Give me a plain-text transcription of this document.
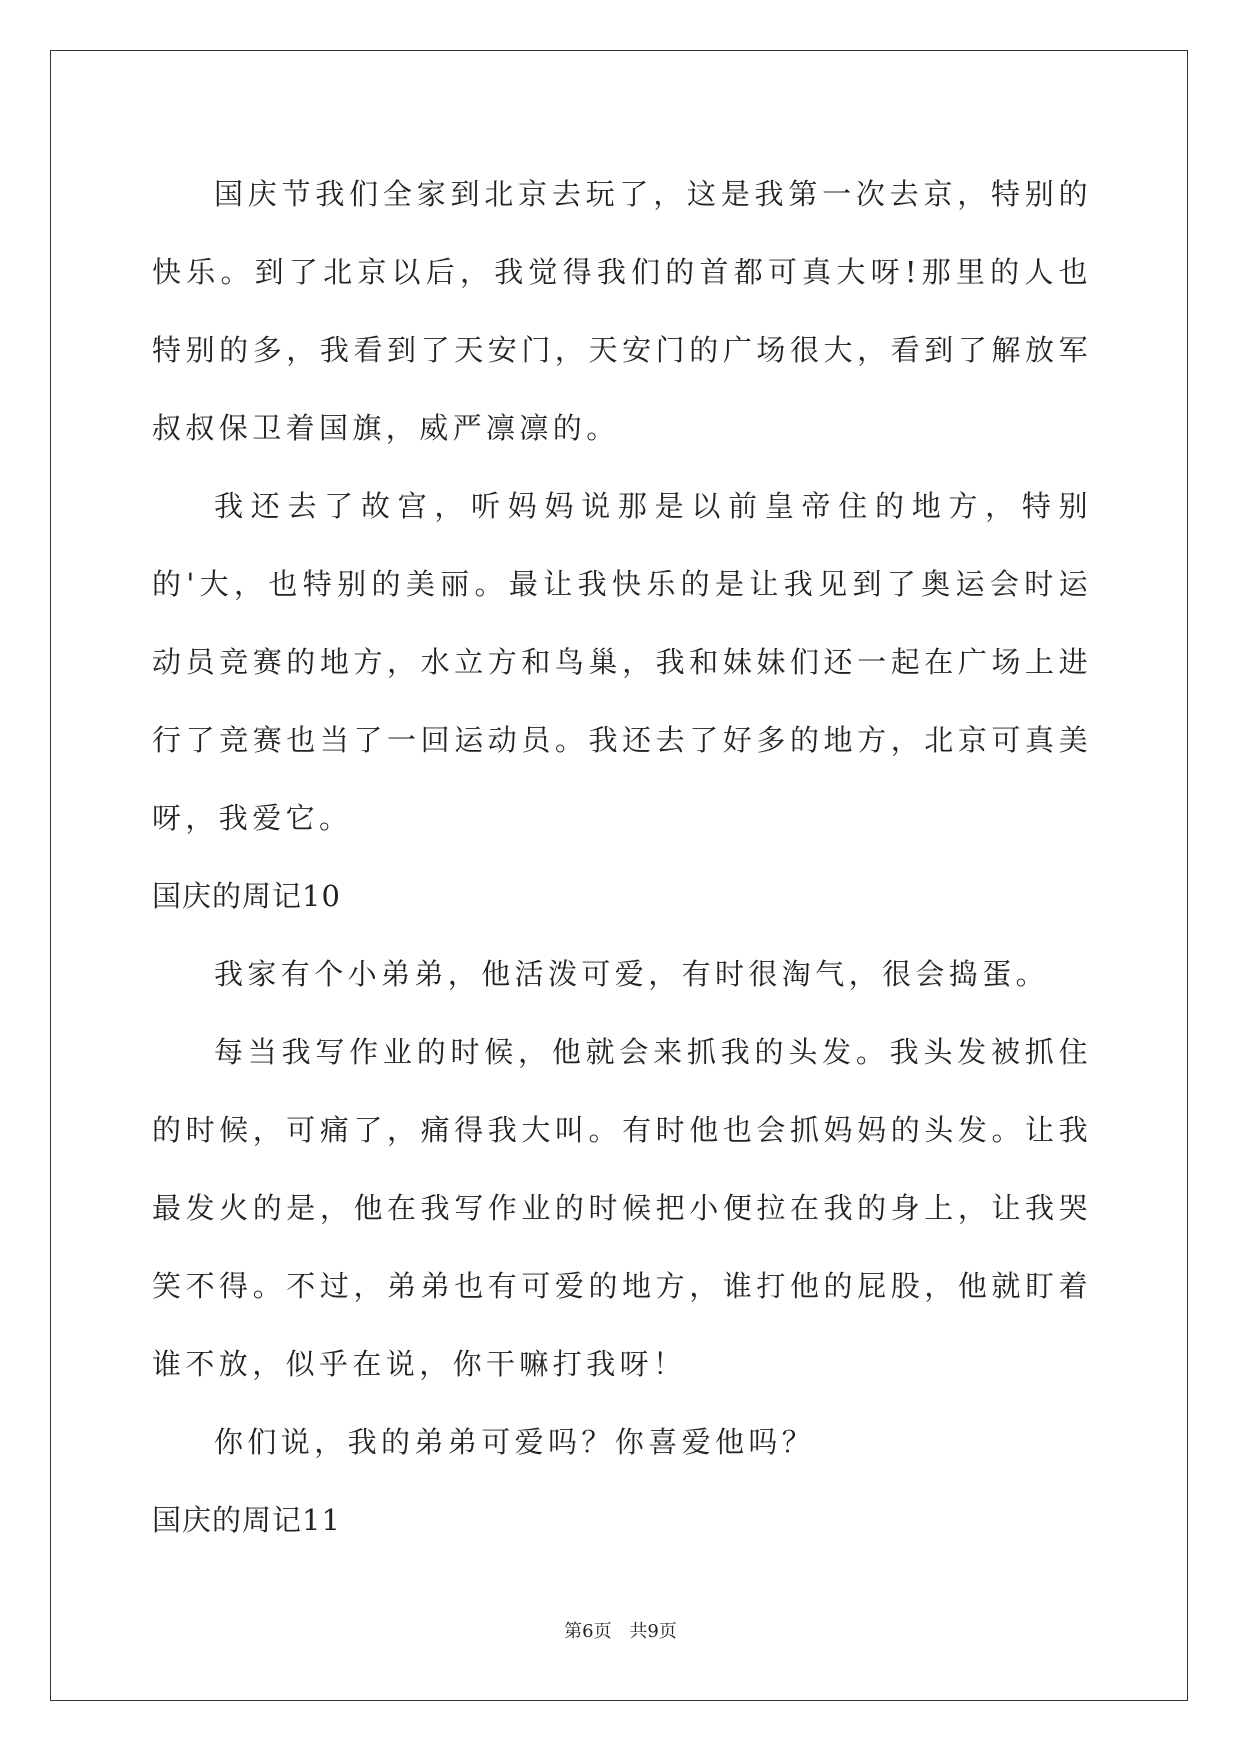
国庆节我们全家到北京去玩了，这是我第一次去京，特别的快乐。到了北京以后，我觉得我们的首都可真大呀!那里的人也特别的多，我看到了天安门，天安门的广场很大，看到了解放军叔叔保卫着国旗，威严凛凛的。

我还去了故宫，听妈妈说那是以前皇帝住的地方，特别的'大，也特别的美丽。最让我快乐的是让我见到了奥运会时运动员竞赛的地方，水立方和鸟巢，我和妹妹们还一起在广场上进行了竞赛也当了一回运动员。我还去了好多的地方，北京可真美呀，我爱它。

国庆的周记10

我家有个小弟弟，他活泼可爱，有时很淘气，很会捣蛋。

每当我写作业的时候，他就会来抓我的头发。我头发被抓住的时候，可痛了，痛得我大叫。有时他也会抓妈妈的头发。让我最发火的是，他在我写作业的时候把小便拉在我的身上，让我哭笑不得。不过，弟弟也有可爱的地方，谁打他的屁股，他就盯着谁不放，似乎在说，你干嘛打我呀！

你们说，我的弟弟可爱吗？你喜爱他吗？

国庆的周记11
第6页 共9页
